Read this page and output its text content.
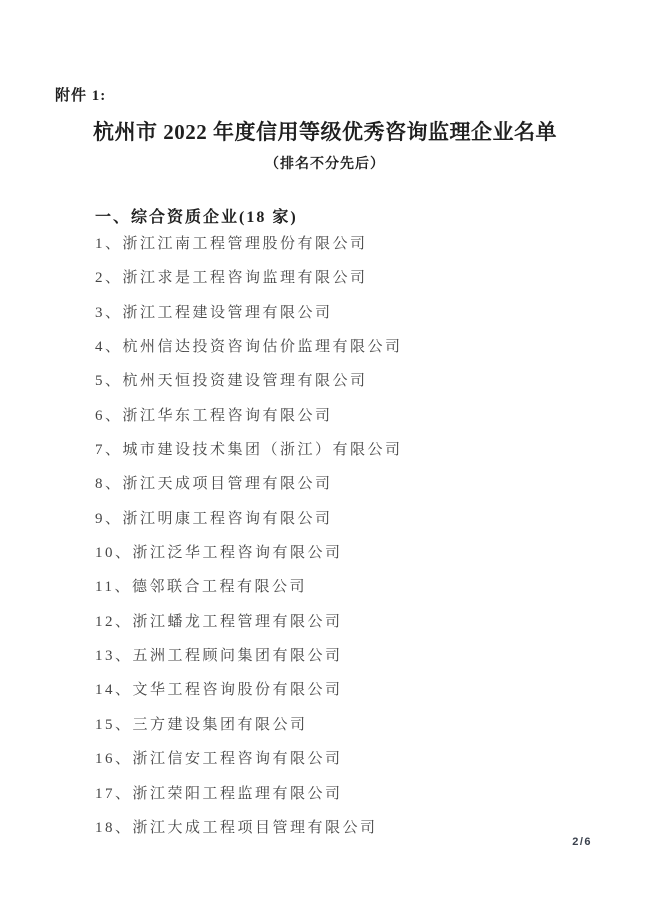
附件 1:
杭州市 2022 年度信用等级优秀咨询监理企业名单
（排名不分先后）
一、综合资质企业(18 家)
1、浙江江南工程管理股份有限公司
2、浙江求是工程咨询监理有限公司
3、浙江工程建设管理有限公司
4、杭州信达投资咨询估价监理有限公司
5、杭州天恒投资建设管理有限公司
6、浙江华东工程咨询有限公司
7、城市建设技术集团（浙江）有限公司
8、浙江天成项目管理有限公司
9、浙江明康工程咨询有限公司
10、浙江泛华工程咨询有限公司
11、德邻联合工程有限公司
12、浙江蟠龙工程管理有限公司
13、五洲工程顾问集团有限公司
14、文华工程咨询股份有限公司
15、三方建设集团有限公司
16、浙江信安工程咨询有限公司
17、浙江荣阳工程监理有限公司
18、浙江大成工程项目管理有限公司
2/6
